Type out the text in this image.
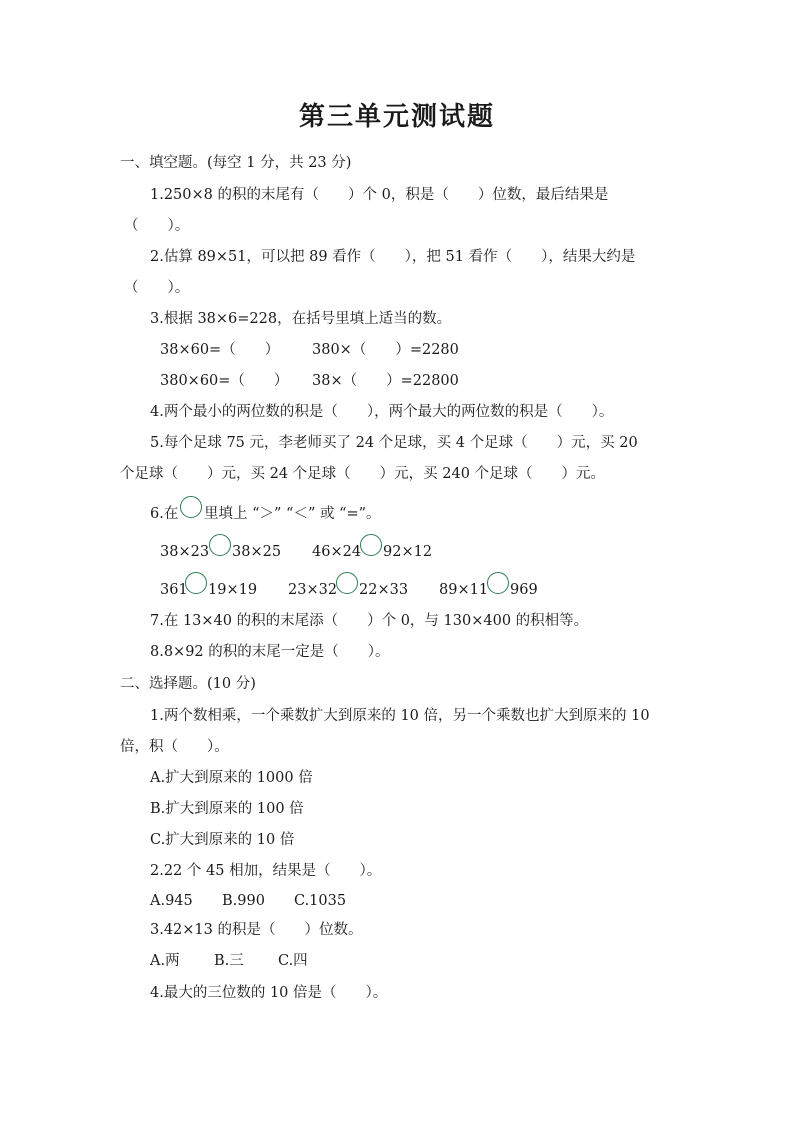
第三单元测试题
一、填空题。(每空 1 分，共 23 分)
1.250×8 的积的末尾有（　　）个 0，积是（　　）位数，最后结果是
（　　）。
2.估算 89×51，可以把 89 看作（　　），把 51 看作（　　），结果大约是
（　　）。
3.根据 38×6=228，在括号里填上适当的数。
38×60=（　　） 380×（　　）=2280
380×60=（　　） 38×（　　）=22800
4.两个最小的两位数的积是（　　），两个最大的两位数的积是（　　）。
5.每个足球 75 元，李老师买了 24 个足球，买 4 个足球（　　）元，买 20
个足球（　　）元，买 24 个足球（　　）元，买 240 个足球（　　）元。
6.在 里填上 “＞” “＜” 或 “=”。
38×23 38×25 46×24 92×12
361 19×19 23×32 22×33 89×11 969
7.在 13×40 的积的末尾添（　　）个 0，与 130×400 的积相等。
8.8×92 的积的末尾一定是（　　）。
二、选择题。(10 分)
1.两个数相乘，一个乘数扩大到原来的 10 倍，另一个乘数也扩大到原来的 10
倍，积（　　）。
A.扩大到原来的 1000 倍
B.扩大到原来的 100 倍
C.扩大到原来的 10 倍
2.22 个 45 相加，结果是（　　）。
A.945 B.990 C.1035
3.42×13 的积是（　　）位数。
A.两 B.三 C.四
4.最大的三位数的 10 倍是（　　）。
